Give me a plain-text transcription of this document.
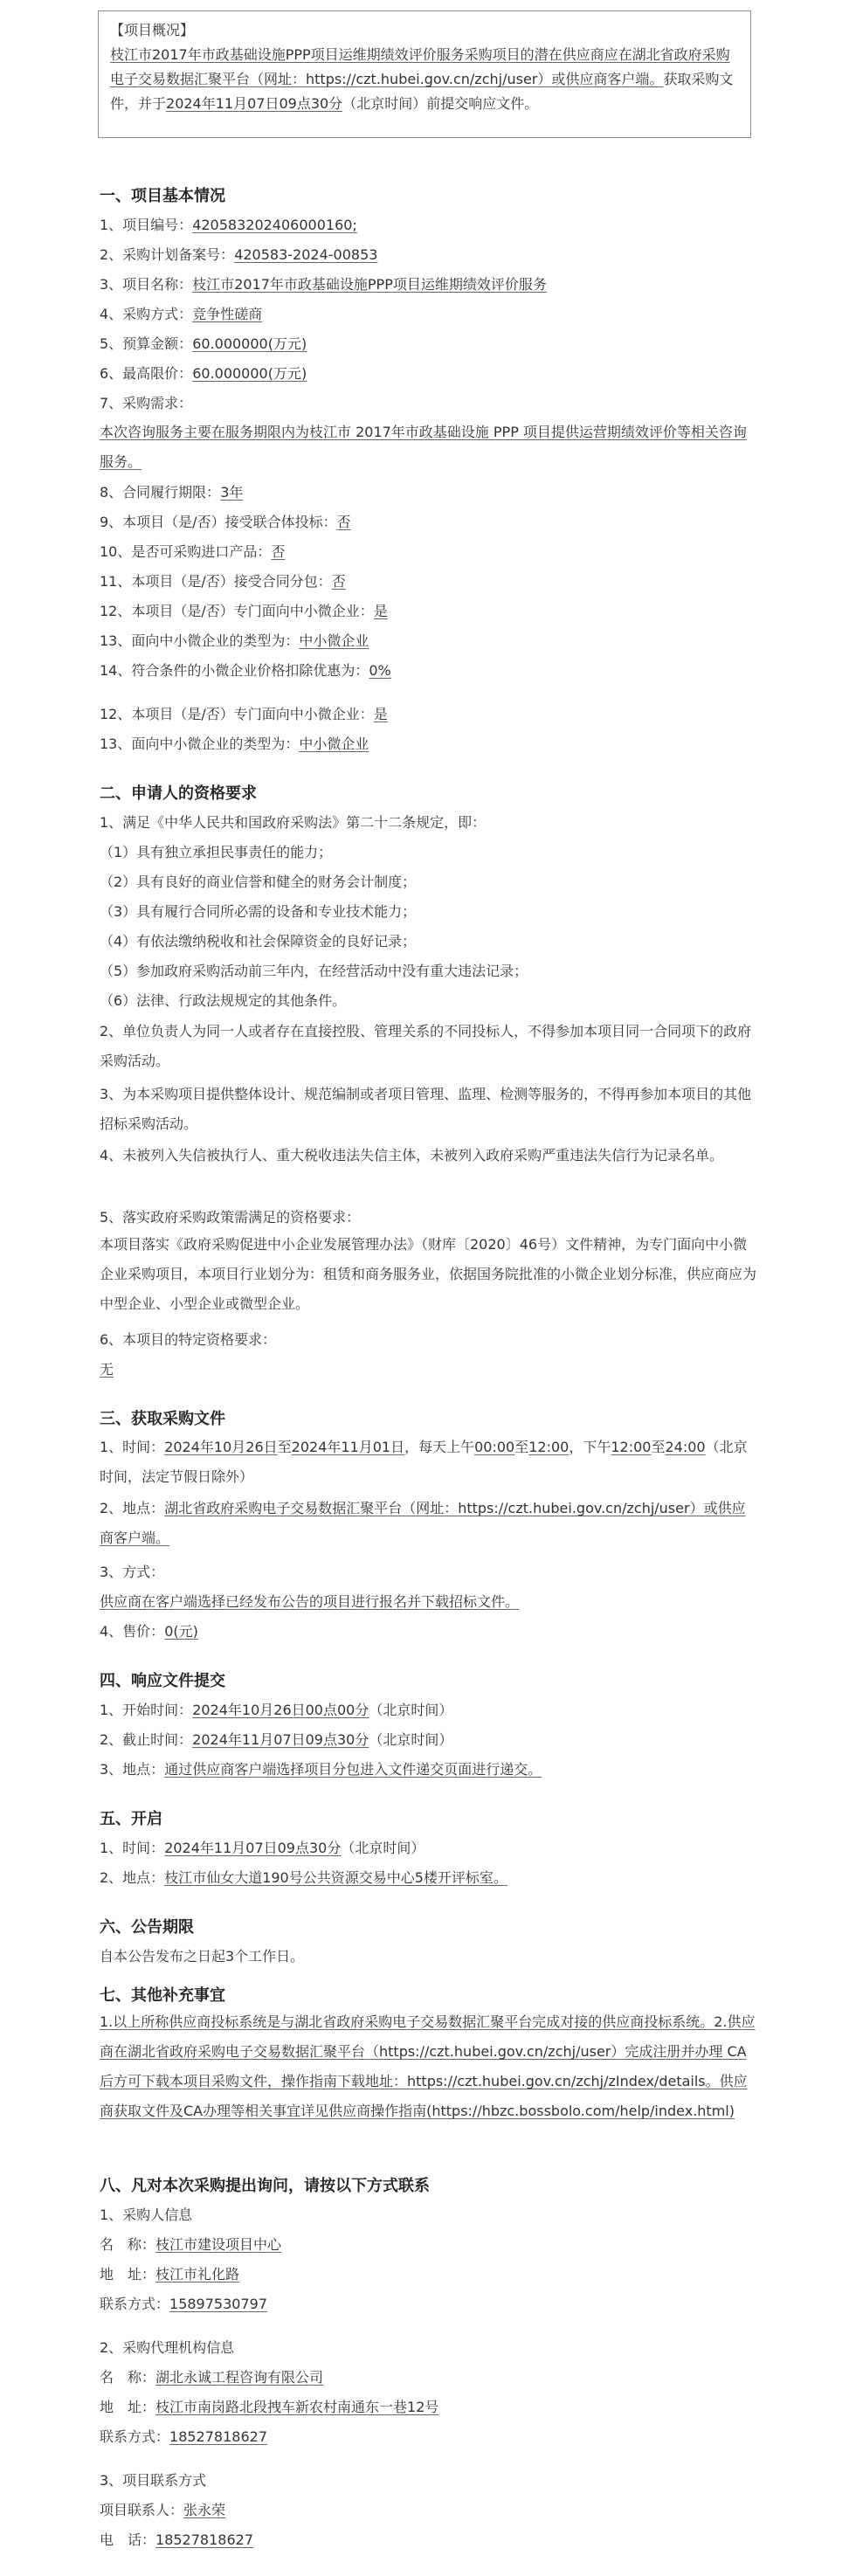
【项目概况】
枝江市2017年市政基础设施PPP项目运维期绩效评价服务采购项目的潜在供应商应在湖北省政府采购电子交易数据汇聚平台（网址：https://czt.hubei.gov.cn/zchj/user）或供应商客户端。获取采购文件，并于2024年11月07日09点30分（北京时间）前提交响应文件。
一、项目基本情况
1、项目编号：420583202406000160;
2、采购计划备案号：420583-2024-00853
3、项目名称：枝江市2017年市政基础设施PPP项目运维期绩效评价服务
4、采购方式：竞争性磋商
5、预算金额：60.000000(万元)
6、最高限价：60.000000(万元)
7、采购需求：
本次咨询服务主要在服务期限内为枝江市 2017年市政基础设施 PPP 项目提供运营期绩效评价等相关咨询服务。
8、合同履行期限：3年
9、本项目（是/否）接受联合体投标：否
10、是否可采购进口产品：否
11、本项目（是/否）接受合同分包：否
12、本项目（是/否）专门面向中小微企业：是
13、面向中小微企业的类型为：中小微企业
14、符合条件的小微企业价格扣除优惠为：0%
12、本项目（是/否）专门面向中小微企业：是
13、面向中小微企业的类型为：中小微企业
二、申请人的资格要求
1、满足《中华人民共和国政府采购法》第二十二条规定，即：
（1）具有独立承担民事责任的能力；
（2）具有良好的商业信誉和健全的财务会计制度；
（3）具有履行合同所必需的设备和专业技术能力；
（4）有依法缴纳税收和社会保障资金的良好记录；
（5）参加政府采购活动前三年内，在经营活动中没有重大违法记录；
（6）法律、行政法规规定的其他条件。
2、单位负责人为同一人或者存在直接控股、管理关系的不同投标人，不得参加本项目同一合同项下的政府采购活动。
3、为本采购项目提供整体设计、规范编制或者项目管理、监理、检测等服务的，不得再参加本项目的其他招标采购活动。
4、未被列入失信被执行人、重大税收违法失信主体，未被列入政府采购严重违法失信行为记录名单。
5、落实政府采购政策需满足的资格要求：
本项目落实《政府采购促进中小企业发展管理办法》（财库〔2020〕46号）文件精神，为专门面向中小微企业采购项目，本项目行业划分为：租赁和商务服务业，依据国务院批准的小微企业划分标准，供应商应为中型企业、小型企业或微型企业。
6、本项目的特定资格要求：
无
三、获取采购文件
1、时间：2024年10月26日至2024年11月01日，每天上午00:00至12:00，下午12:00至24:00（北京时间，法定节假日除外）
2、地点：湖北省政府采购电子交易数据汇聚平台（网址：https://czt.hubei.gov.cn/zchj/user）或供应商客户端。
3、方式：
供应商在客户端选择已经发布公告的项目进行报名并下载招标文件。
4、售价：0(元)
四、响应文件提交
1、开始时间：2024年10月26日00点00分（北京时间）
2、截止时间：2024年11月07日09点30分（北京时间）
3、地点：通过供应商客户端选择项目分包进入文件递交页面进行递交。
五、开启
1、时间：2024年11月07日09点30分（北京时间）
2、地点：枝江市仙女大道190号公共资源交易中心5楼开评标室。
六、公告期限
自本公告发布之日起3个工作日。
七、其他补充事宜
1.以上所称供应商投标系统是与湖北省政府采购电子交易数据汇聚平台完成对接的供应商投标系统。2.供应商在湖北省政府采购电子交易数据汇聚平台（https://czt.hubei.gov.cn/zchj/user）完成注册并办理 CA后方可下载本项目采购文件，操作指南下载地址：https://czt.hubei.gov.cn/zchj/zIndex/details。供应商获取文件及CA办理等相关事宜详见供应商操作指南(https://hbzc.bossbolo.com/help/index.html)
八、凡对本次采购提出询问，请按以下方式联系
1、采购人信息
名　称：枝江市建设项目中心
地　址：枝江市礼化路
联系方式：15897530797
2、采购代理机构信息
名　称：湖北永诚工程咨询有限公司
地　址：枝江市南岗路北段拽车新农村南通东一巷12号
联系方式：18527818627
3、项目联系方式
项目联系人：张永荣
电　话：18527818627
